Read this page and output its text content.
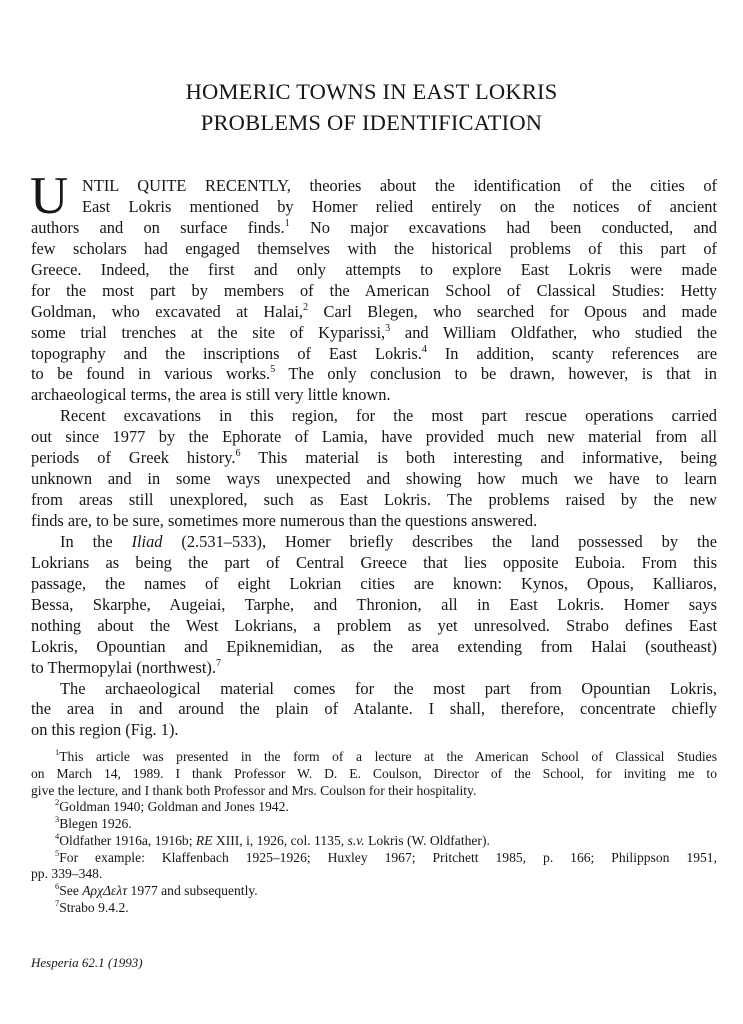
HOMERIC TOWNS IN EAST LOKRIS
PROBLEMS OF IDENTIFICATION
U NTIL QUITE RECENTLY, theories about the identification of the cities of
East Lokris mentioned by Homer relied entirely on the notices of ancient
authors and on surface finds.$^1$ No major excavations had been conducted, and
few scholars had engaged themselves with the historical problems of this part of
Greece. Indeed, the first and only attempts to explore East Lokris were made
for the most part by members of the American School of Classical Studies: Hetty
Goldman, who excavated at Halai,$^2$ Carl Blegen, who searched for Opous and made
some trial trenches at the site of Kyparissi,$^3$ and William Oldfather, who studied the
topography and the inscriptions of East Lokris.$^4$ In addition, scanty references are
to be found in various works.$^5$ The only conclusion to be drawn, however, is that in
archaeological terms, the area is still very little known.
Recent excavations in this region, for the most part rescue operations carried
out since 1977 by the Ephorate of Lamia, have provided much new material from all
periods of Greek history.$^6$ This material is both interesting and informative, being
unknown and in some ways unexpected and showing how much we have to learn
from areas still unexplored, such as East Lokris. The problems raised by the new
finds are, to be sure, sometimes more numerous than the questions answered.
In the Iliad (2.531–533), Homer briefly describes the land possessed by the
Lokrians as being the part of Central Greece that lies opposite Euboia. From this
passage, the names of eight Lokrian cities are known: Kynos, Opous, Kalliaros,
Bessa, Skarphe, Augeiai, Tarphe, and Thronion, all in East Lokris. Homer says
nothing about the West Lokrians, a problem as yet unresolved. Strabo defines East
Lokris, Opountian and Epiknemidian, as the area extending from Halai (southeast)
to Thermopylai (northwest).$^7$
The archaeological material comes for the most part from Opountian Lokris,
the area in and around the plain of Atalante. I shall, therefore, concentrate chiefly
on this region (Fig. 1).
$^1$This article was presented in the form of a lecture at the American School of Classical Studies
on March 14, 1989. I thank Professor W. D. E. Coulson, Director of the School, for inviting me to
give the lecture, and I thank both Professor and Mrs. Coulson for their hospitality.
$^2$Goldman 1940; Goldman and Jones 1942.
$^3$Blegen 1926.
$^4$Oldfather 1916a, 1916b; RE XIII, i, 1926, col. 1135, s.v. Lokris (W. Oldfather).
$^5$For example: Klaffenbach 1925–1926; Huxley 1967; Pritchett 1985, p. 166; Philippson 1951,
pp. 339–348.
$^6$See ΑρχΔελτ 1977 and subsequently.
$^7$Strabo 9.4.2.
Hesperia 62.1 (1993)
